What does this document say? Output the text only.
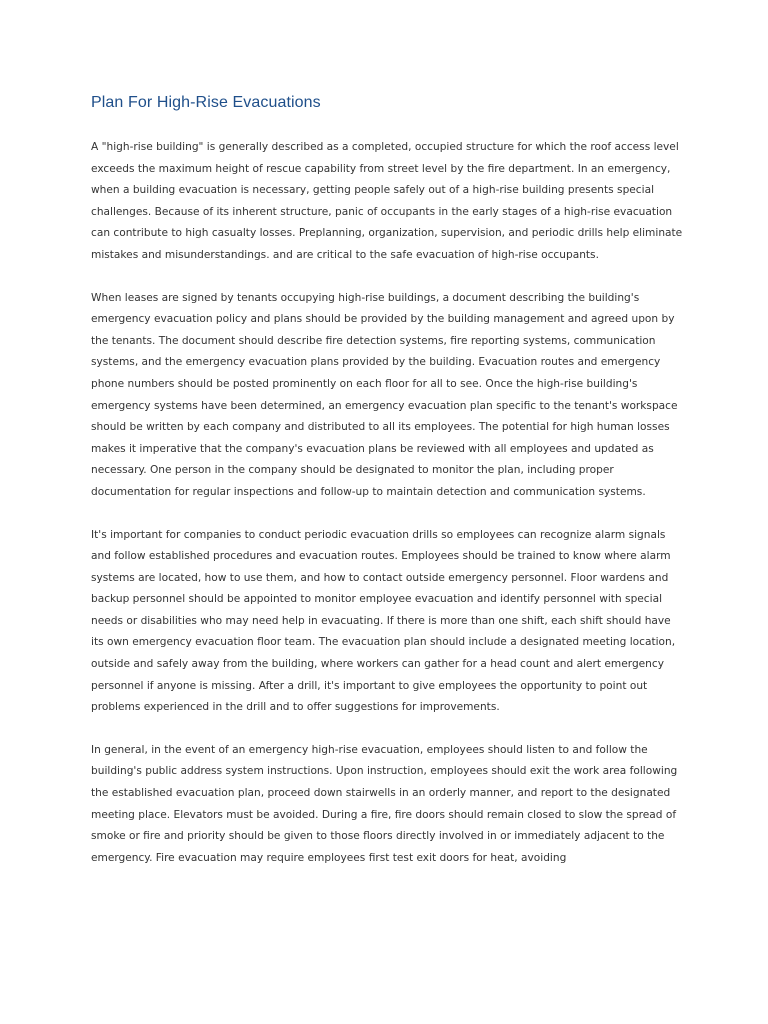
Plan For High-Rise Evacuations

A "high-rise building" is generally described as a completed, occupied structure for which the roof access level exceeds the maximum height of rescue capability from street level by the fire department. In an emergency, when a building evacuation is necessary, getting people safely out of a high-rise building presents special challenges. Because of its inherent structure, panic of occupants in the early stages of a high-rise evacuation can contribute to high casualty losses. Preplanning, organization, supervision, and periodic drills help eliminate mistakes and misunderstandings. and are critical to the safe evacuation of high-rise occupants.

When leases are signed by tenants occupying high-rise buildings, a document describing the building's emergency evacuation policy and plans should be provided by the building management and agreed upon by the tenants. The document should describe fire detection systems, fire reporting systems, communication systems, and the emergency evacuation plans provided by the building. Evacuation routes and emergency phone numbers should be posted prominently on each floor for all to see. Once the high-rise building's emergency systems have been determined, an emergency evacuation plan specific to the tenant's workspace should be written by each company and distributed to all its employees. The potential for high human losses makes it imperative that the company's evacuation plans be reviewed with all employees and updated as necessary. One person in the company should be designated to monitor the plan, including proper documentation for regular inspections and follow-up to maintain detection and communication systems.

It's important for companies to conduct periodic evacuation drills so employees can recognize alarm signals and follow established procedures and evacuation routes. Employees should be trained to know where alarm systems are located, how to use them, and how to contact outside emergency personnel. Floor wardens and backup personnel should be appointed to monitor employee evacuation and identify personnel with special needs or disabilities who may need help in evacuating. If there is more than one shift, each shift should have its own emergency evacuation floor team. The evacuation plan should include a designated meeting location, outside and safely away from the building, where workers can gather for a head count and alert emergency personnel if anyone is missing. After a drill, it's important to give employees the opportunity to point out problems experienced in the drill and to offer suggestions for improvements.

In general, in the event of an emergency high-rise evacuation, employees should listen to and follow the building's public address system instructions. Upon instruction, employees should exit the work area following the established evacuation plan, proceed down stairwells in an orderly manner, and report to the designated meeting place. Elevators must be avoided. During a fire, fire doors should remain closed to slow the spread of smoke or fire and priority should be given to those floors directly involved in or immediately adjacent to the emergency. Fire evacuation may require employees first test exit doors for heat, avoiding
